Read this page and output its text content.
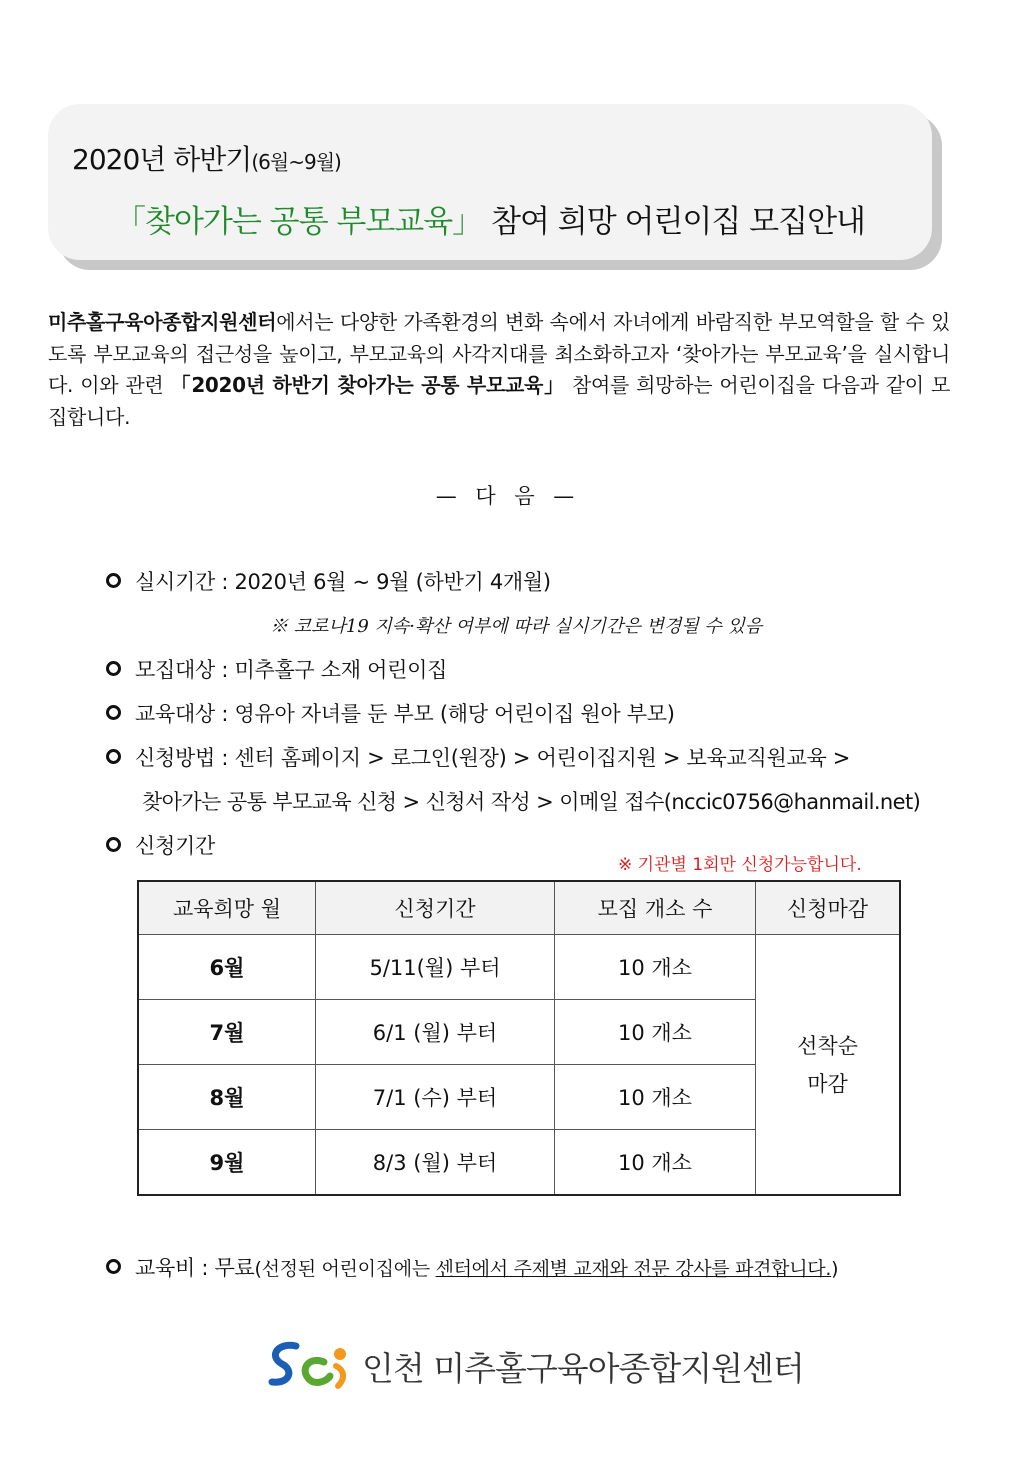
2020년 하반기(6월~9월)
「찾아가는 공통 부모교육」 참여 희망 어린이집 모집안내
미추홀구육아종합지원센터에서는 다양한 가족환경의 변화 속에서 자녀에게 바람직한 부모역할을 할 수 있도록 부모교육의 접근성을 높이고, 부모교육의 사각지대를 최소화하고자 ‘찾아가는 부모교육’을 실시합니다. 이와 관련 「2020년 하반기 찾아가는 공통 부모교육」 참여를 희망하는 어린이집을 다음과 같이 모집합니다.
— 다 음 —
실시기간 : 2020년 6월 ~ 9월 (하반기 4개월)
※ 코로나19 지속·확산 여부에 따라 실시기간은 변경될 수 있음
모집대상 : 미추홀구 소재 어린이집
교육대상 : 영유아 자녀를 둔 부모 (해당 어린이집 원아 부모)
신청방법 : 센터 홈페이지 > 로그인(원장) > 어린이집지원 > 보육교직원교육 >
찾아가는 공통 부모교육 신청 > 신청서 작성 > 이메일 접수(nccic0756@hanmail.net)
신청기간
※ 기관별 1회만 신청가능합니다.
교육희망 월	신청기간	모집 개소 수	신청마감
6월	5/11(월) 부터	10 개소	선착순
마감
7월	6/1 (월) 부터	10 개소	
8월	7/1 (수) 부터	10 개소	
9월	8/3 (월) 부터	10 개소	
교육비 : 무료(선정된 어린이집에는 센터에서 주제별 교재와 전문 강사를 파견합니다.)
인천 미추홀구육아종합지원센터
